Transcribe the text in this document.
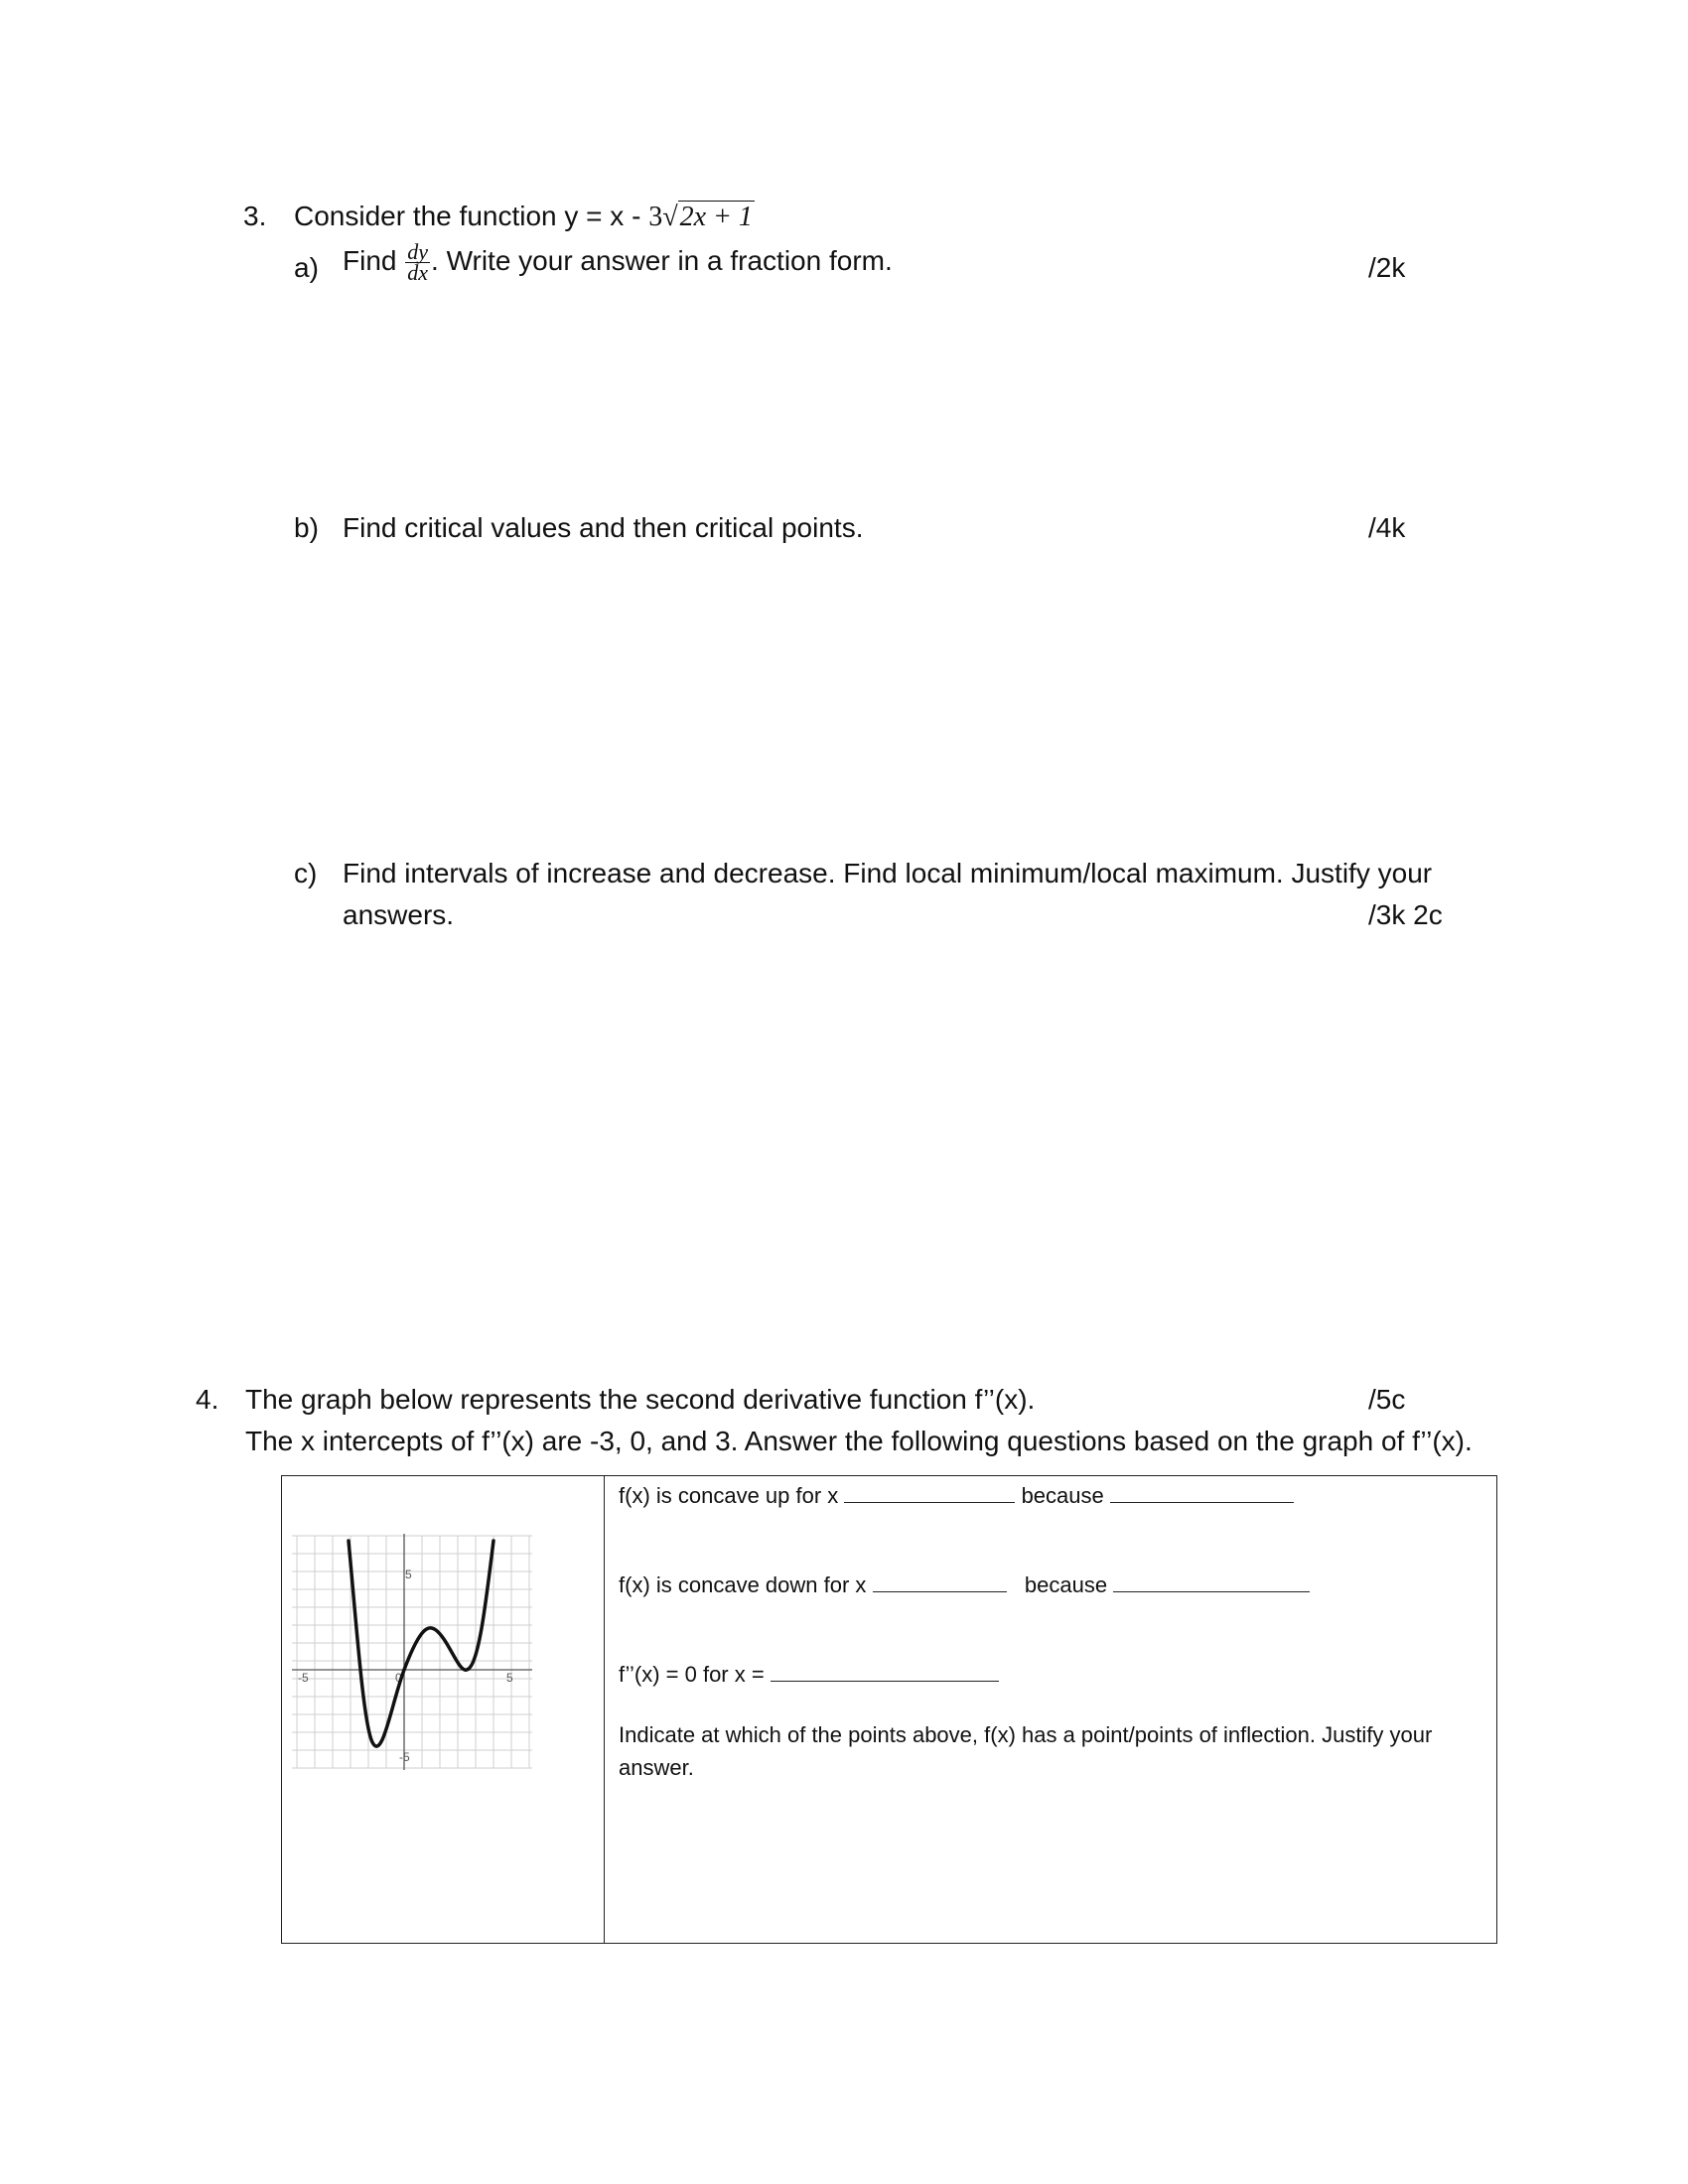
3. Consider the function y = x - 3√2x + 1
a) Find $\frac{dy}{dx}$ . Write your answer in a fraction form.	/2k
b) Find critical values and then critical points.	/4k
c) Find intervals of increase and decrease. Find local minimum/local maximum. Justify your
answers.	/3k 2c
4. The graph below represents the second derivative function f’’(x).	/5c
The x intercepts of f’’(x) are -3, 0, and 3. Answer the following questions based on the graph of f’’(x).
-5	0	5
5
-5

f(x) is concave up for x	because
f(x) is concave down for x	because
f’’(x) = 0 for x =
Indicate at which of the points above, f(x) has a point/points of inflection. Justify your answer.
